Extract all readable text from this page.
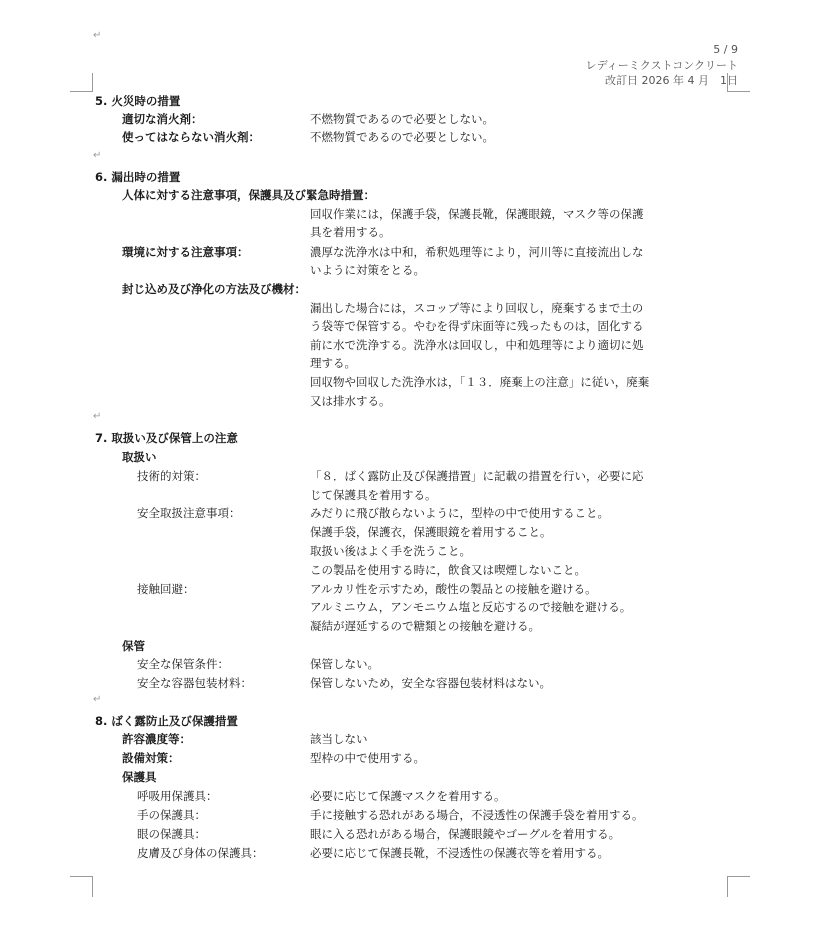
↵
↵
↵
↵
5 / 9
レディーミクストコンクリート
改訂日 2026 年 4 月　1日
5. 火災時の措置
適切な消火剤：	不燃物質であるので必要としない。
使ってはならない消火剤：	不燃物質であるので必要としない。
6. 漏出時の措置
人体に対する注意事項，保護具及び緊急時措置：
回収作業には，保護手袋，保護長靴，保護眼鏡，マスク等の保護
具を着用する。
環境に対する注意事項：	濃厚な洗浄水は中和，希釈処理等により，河川等に直接流出しな
いように対策をとる。
封じ込め及び浄化の方法及び機材：
漏出した場合には，スコップ等により回収し，廃棄するまで土の
う袋等で保管する。やむを得ず床面等に残ったものは，固化する
前に水で洗浄する。洗浄水は回収し，中和処理等により適切に処
理する。
回収物や回収した洗浄水は，「１３．廃棄上の注意」に従い，廃棄
又は排水する。
7. 取扱い及び保管上の注意
取扱い
技術的対策：	「８．ばく露防止及び保護措置」に記載の措置を行い，必要に応
じて保護具を着用する。
安全取扱注意事項：	みだりに飛び散らないように，型枠の中で使用すること。
保護手袋，保護衣，保護眼鏡を着用すること。
取扱い後はよく手を洗うこと。
この製品を使用する時に，飲食又は喫煙しないこと。
接触回避：	アルカリ性を示すため，酸性の製品との接触を避ける。
アルミニウム，アンモニウム塩と反応するので接触を避ける。
凝結が遅延するので糖類との接触を避ける。
保管
安全な保管条件：	保管しない。
安全な容器包装材料：	保管しないため，安全な容器包装材料はない。
8. ばく露防止及び保護措置
許容濃度等：	該当しない
設備対策：	型枠の中で使用する。
保護具
呼吸用保護具：	必要に応じて保護マスクを着用する。
手の保護具：	手に接触する恐れがある場合，不浸透性の保護手袋を着用する。
眼の保護具：	眼に入る恐れがある場合，保護眼鏡やゴーグルを着用する。
皮膚及び身体の保護具：	必要に応じて保護長靴，不浸透性の保護衣等を着用する。
